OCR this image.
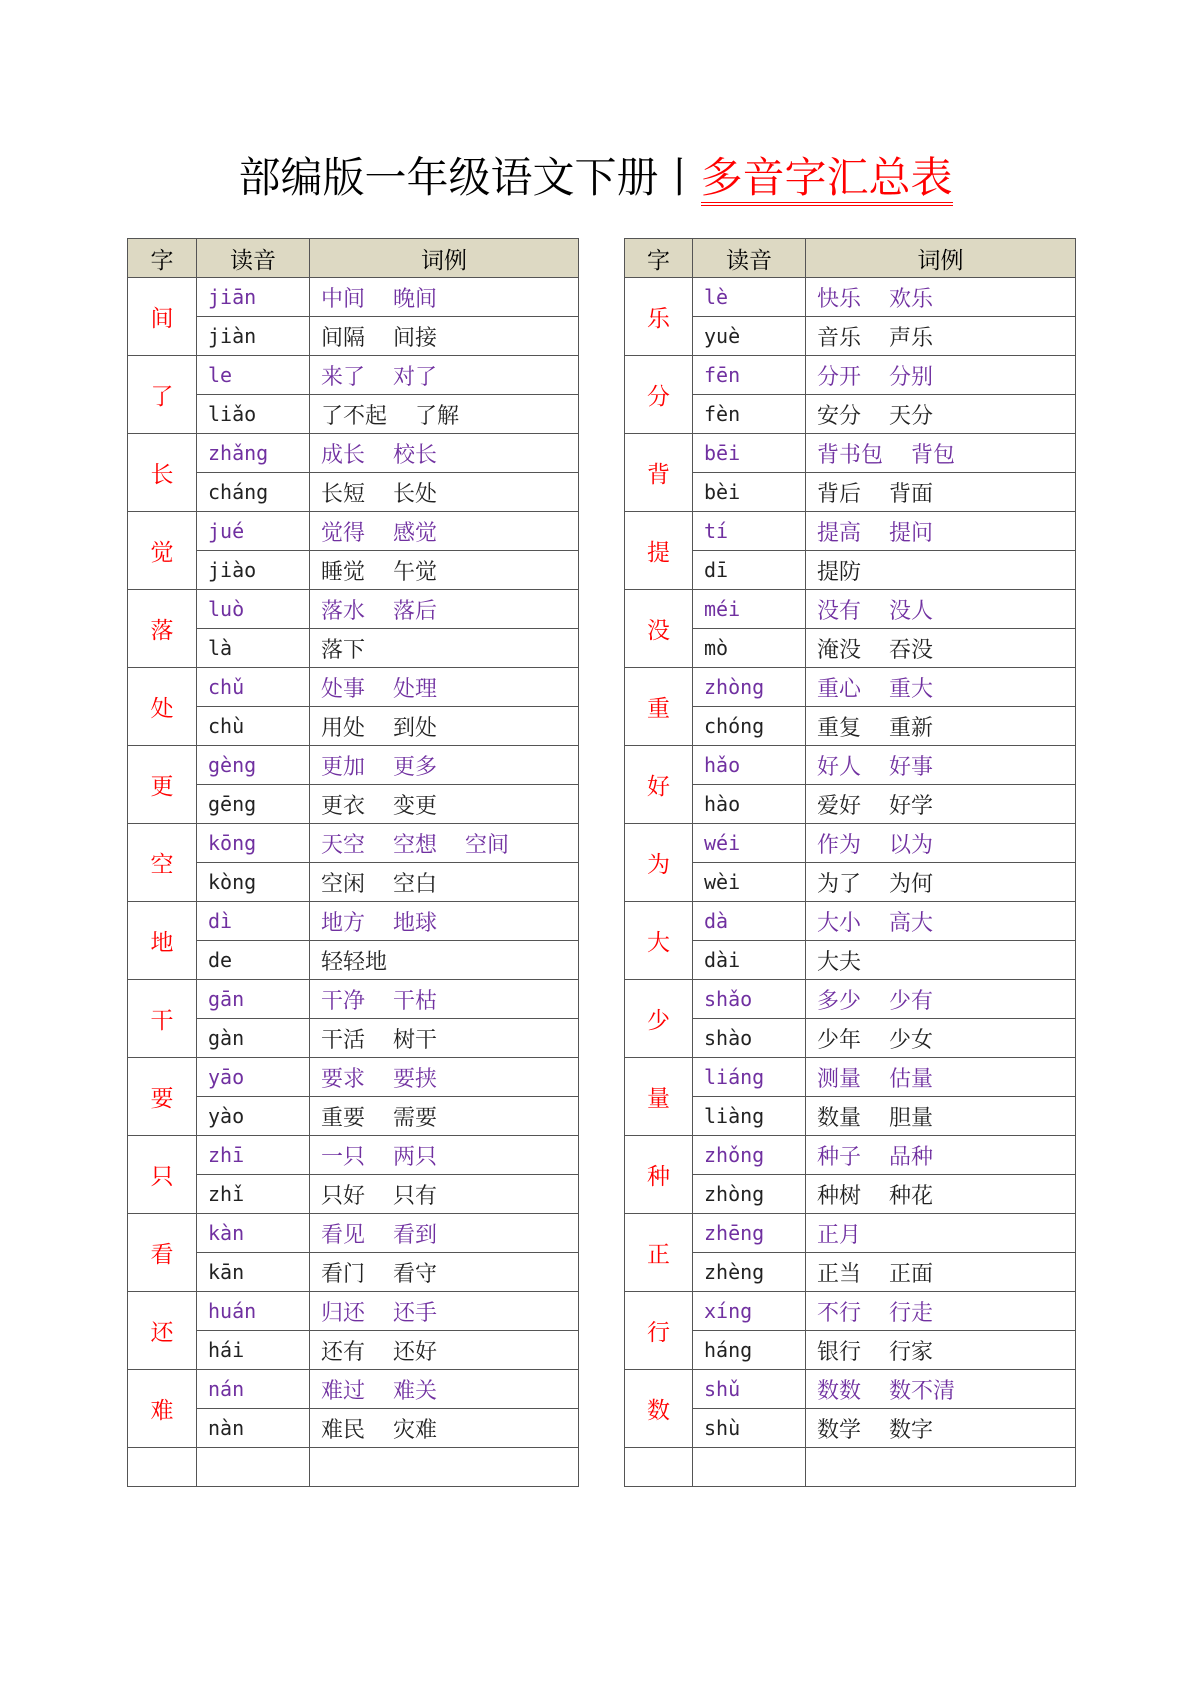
部编版一年级语文下册丨多音字汇总表
字	读音	词例
间	jiān	中间 晚间
	jiàn	间隔 间接
了	le	来了 对了
	liǎo	了不起 了解
长	zhǎng	成长 校长
	cháng	长短 长处
觉	jué	觉得 感觉
	jiào	睡觉 午觉
落	luò	落水 落后
	là	落下
处	chǔ	处事 处理
	chù	用处 到处
更	gèng	更加 更多
	gēng	更衣 变更
空	kōng	天空 空想 空间
	kòng	空闲 空白
地	dì	地方 地球
	de	轻轻地
干	gān	干净 干枯
	gàn	干活 树干
要	yāo	要求 要挟
	yào	重要 需要
只	zhī	一只 两只
	zhǐ	只好 只有
看	kàn	看见 看到
	kān	看门 看守
还	huán	归还 还手
	hái	还有 还好
难	nán	难过 难关
	nàn	难民 灾难

字	读音	词例
乐	lè	快乐 欢乐
	yuè	音乐 声乐
分	fēn	分开 分别
	fèn	安分 天分
背	bēi	背书包 背包
	bèi	背后 背面
提	tí	提高 提问
	dī	提防
没	méi	没有 没人
	mò	淹没 吞没
重	zhòng	重心 重大
	chóng	重复 重新
好	hǎo	好人 好事
	hào	爱好 好学
为	wéi	作为 以为
	wèi	为了 为何
大	dà	大小 高大
	dài	大夫
少	shǎo	多少 少有
	shào	少年 少女
量	liáng	测量 估量
	liàng	数量 胆量
种	zhǒng	种子 品种
	zhòng	种树 种花
正	zhēng	正月
	zhèng	正当 正面
行	xíng	不行 行走
	háng	银行 行家
数	shǔ	数数 数不清
	shù	数学 数字
